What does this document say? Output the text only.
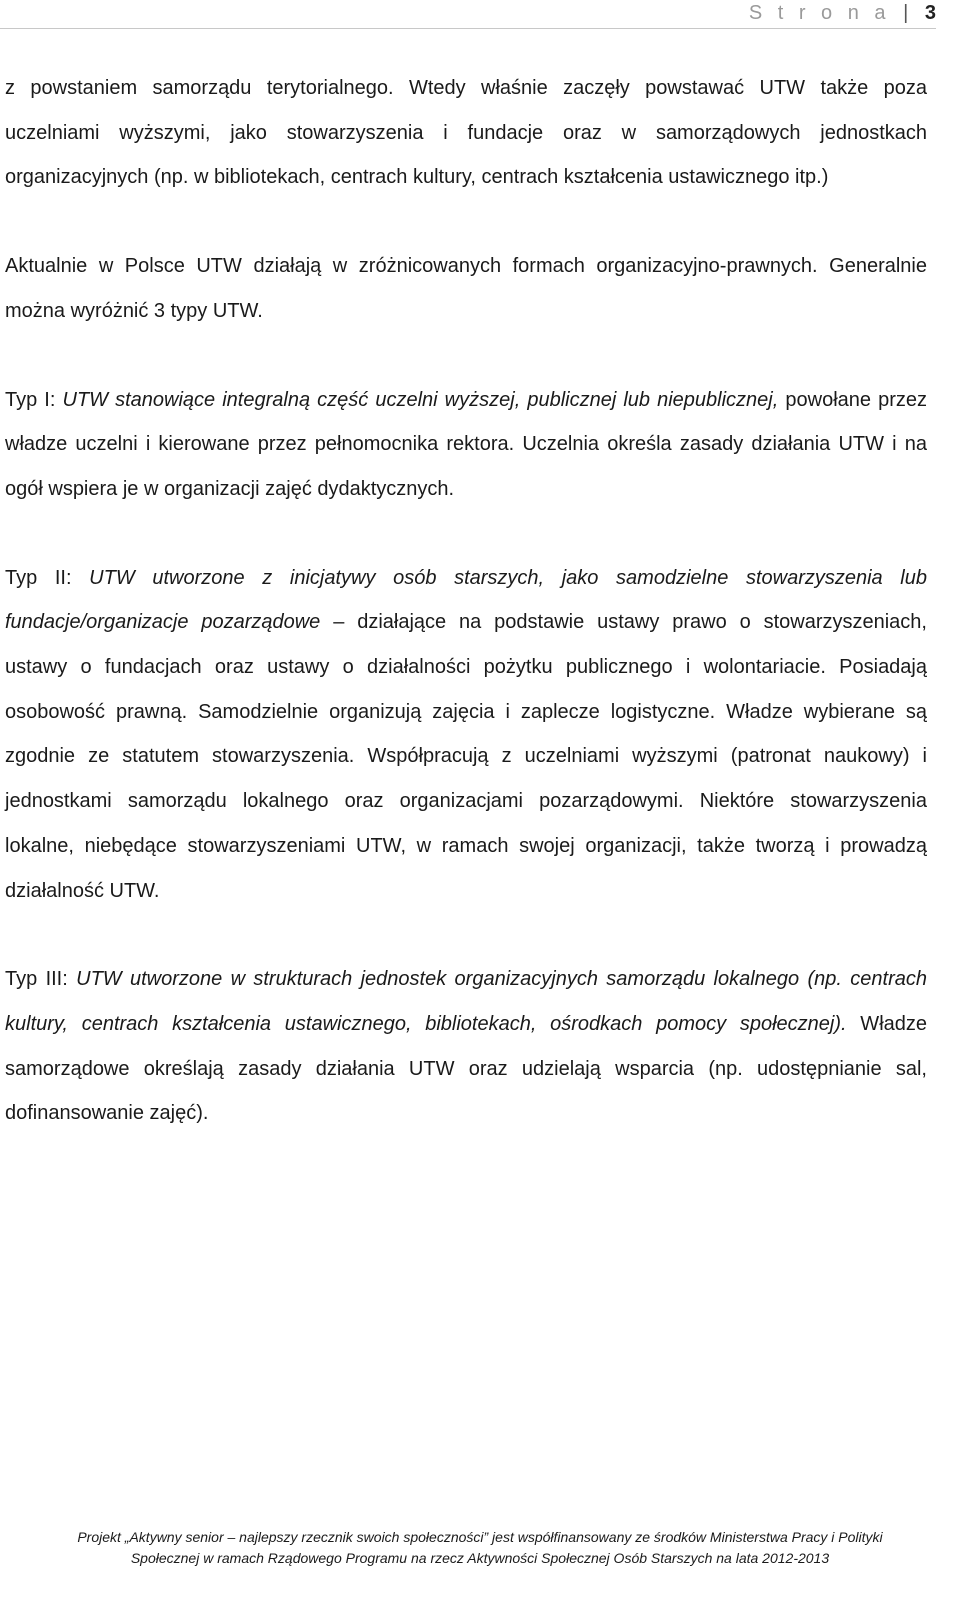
S t r o n a | 3

z powstaniem samorządu terytorialnego. Wtedy właśnie zaczęły powstawać UTW także poza uczelniami wyższymi, jako stowarzyszenia i fundacje oraz w samorządowych jednostkach organizacyjnych (np. w bibliotekach, centrach kultury, centrach kształcenia ustawicznego itp.)

Aktualnie w Polsce UTW działają w zróżnicowanych formach organizacyjno-prawnych. Generalnie można wyróżnić 3 typy UTW.

Typ I: UTW stanowiące integralną część uczelni wyższej, publicznej lub niepublicznej, powołane przez władze uczelni i kierowane przez pełnomocnika rektora. Uczelnia określa zasady działania UTW i na ogół wspiera je w organizacji zajęć dydaktycznych.

Typ II: UTW utworzone z inicjatywy osób starszych, jako samodzielne stowarzyszenia lub fundacje/organizacje pozarządowe – działające na podstawie ustawy prawo o stowarzyszeniach, ustawy o fundacjach oraz ustawy o działalności pożytku publicznego i wolontariacie. Posiadają osobowość prawną. Samodzielnie organizują zajęcia i zaplecze logistyczne. Władze wybierane są zgodnie ze statutem stowarzyszenia. Współpracują z uczelniami wyższymi (patronat naukowy) i jednostkami samorządu lokalnego oraz organizacjami pozarządowymi. Niektóre stowarzyszenia lokalne, niebędące stowarzyszeniami UTW, w ramach swojej organizacji, także tworzą i prowadzą działalność UTW.

Typ III: UTW utworzone w strukturach jednostek organizacyjnych samorządu lokalnego (np. centrach kultury, centrach kształcenia ustawicznego, bibliotekach, ośrodkach pomocy społecznej). Władze samorządowe określają zasady działania UTW oraz udzielają wsparcia (np. udostępnianie sal, dofinansowanie zajęć).

Projekt „Aktywny senior – najlepszy rzecznik swoich społeczności” jest współfinansowany ze środków Ministerstwa Pracy i Polityki
Społecznej w ramach Rządowego Programu na rzecz Aktywności Społecznej Osób Starszych na lata 2012-2013
